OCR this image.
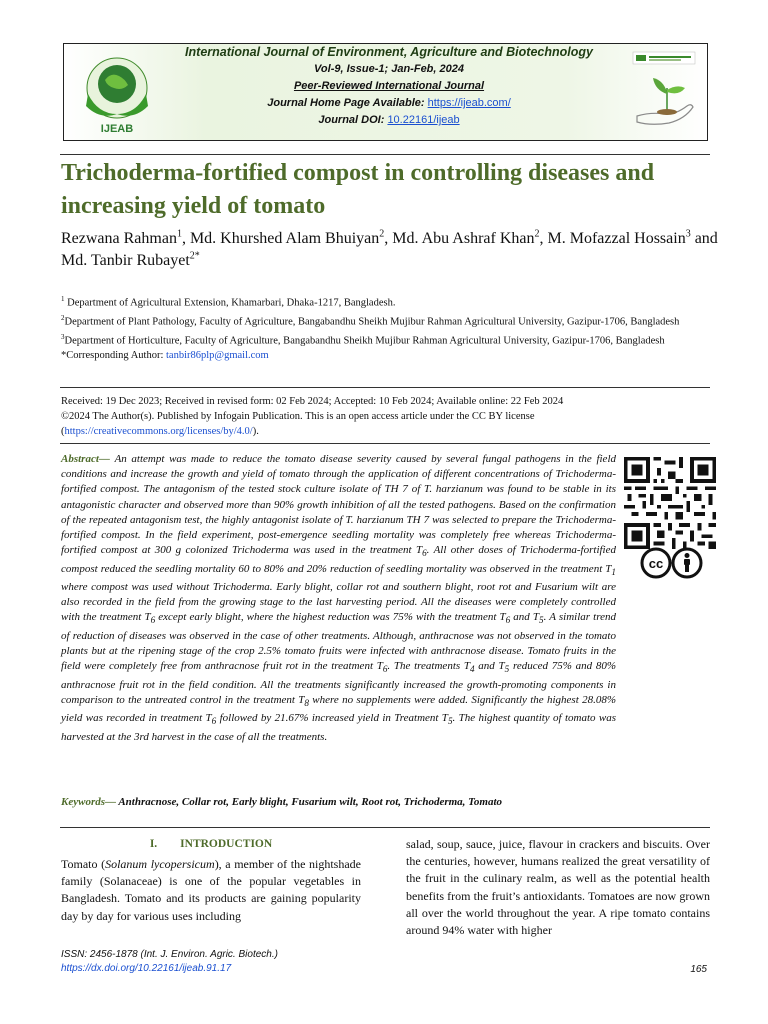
IJEAB
International Journal of Environment, Agriculture and Biotechnology
Vol-9, Issue-1; Jan-Feb, 2024
Peer-Reviewed International Journal
Journal Home Page Available: https://ijeab.com/
Journal DOI: 10.22161/ijeab
Trichoderma-fortified compost in controlling diseases and increasing yield of tomato

Rezwana Rahman$^1$, Md. Khurshed Alam Bhuiyan$^2$, Md. Abu Ashraf Khan$^2$, M. Mofazzal Hossain$^3$ and Md. Tanbir Rubayet$^{2*}$

$^1$ Department of Agricultural Extension, Khamarbari, Dhaka-1217, Bangladesh.

$^2$Department of Plant Pathology, Faculty of Agriculture, Bangabandhu Sheikh Mujibur Rahman Agricultural University, Gazipur-1706, Bangladesh

$^3$Department of Horticulture, Faculty of Agriculture, Bangabandhu Sheikh Mujibur Rahman Agricultural University, Gazipur-1706, Bangladesh

*Corresponding Author: tanbir86plp@gmail.com

Received: 19 Dec 2023; Received in revised form: 02 Feb 2024; Accepted: 10 Feb 2024; Available online: 22 Feb 2024

©2024 The Author(s). Published by Infogain Publication. This is an open access article under the CC BY license
(https://creativecommons.org/licenses/by/4.0/).

Abstract— An attempt was made to reduce the tomato disease severity caused by several fungal pathogens in the field conditions and increase the growth and yield of tomato through the application of different concentrations of Trichoderma-fortified compost. The antagonism of the tested stock culture isolate of TH 7 of T. harzianum was found to be stable in its antagonistic character and observed more than 90% growth inhibition of all the tested pathogens. Based on the confirmation of the repeated antagonism test, the highly antagonist isolate of T. harzianum TH 7 was selected to prepare the Trichoderma-fortified compost. In the field experiment, post-emergence seedling mortality was completely free whereas Trichoderma-fortified compost at 300 g colonized Trichoderma was used in the treatment $T_6$. All other doses of Trichoderma-fortified compost reduced the seedling mortality 60 to 80% and 20% reduction of seedling mortality was observed in the treatment $T_1$ where compost was used without Trichoderma. Early blight, collar rot and southern blight, root rot and Fusarium wilt are also recorded in the field from the growing stage to the last harvesting period. All the diseases were completely controlled with the treatment $T_6$ except early blight, where the highest reduction was 75% with the treatment $T_6$ and $T_5$. A similar trend of reduction of diseases was observed in the case of other treatments. Although, anthracnose was not observed in the tomato plants but at the ripening stage of the crop 2.5% tomato fruits were infected with anthracnose disease. Tomato fruits in the field were completely free from anthracnose fruit rot in the treatment $T_6$. The treatments $T_4$ and $T_5$ reduced 75% and 80% anthracnose fruit rot in the field condition. All the treatments significantly increased the growth-promoting components in comparison to the untreated control in the treatment $T_8$ where no supplements were added. Significantly the highest 28.08% yield was recorded in treatment $T_6$ followed by 21.67% increased yield in Treatment $T_5$. The highest quantity of tomato was harvested at the 3rd harvest in the case of all the treatments.

cc
Keywords— Anthracnose, Collar rot, Early blight, Fusarium wilt, Root rot, Trichoderma, Tomato

I.  INTRODUCTION

Tomato (Solanum lycopersicum), a member of the nightshade family (Solanaceae) is one of the popular vegetables in Bangladesh. Tomato and its products are gaining popularity day by day for various uses including

salad, soup, sauce, juice, flavour in crackers and biscuits. Over the centuries, however, humans realized the great versatility of the fruit in the culinary realm, as well as the potential health benefits from the fruit’s antioxidants. Tomatoes are now grown all over the world throughout the year. A ripe tomato contains around 94% water with higher

ISSN: 2456-1878 (Int. J. Environ. Agric. Biotech.)
https://dx.doi.org/10.22161/ijeab.91.17	165
